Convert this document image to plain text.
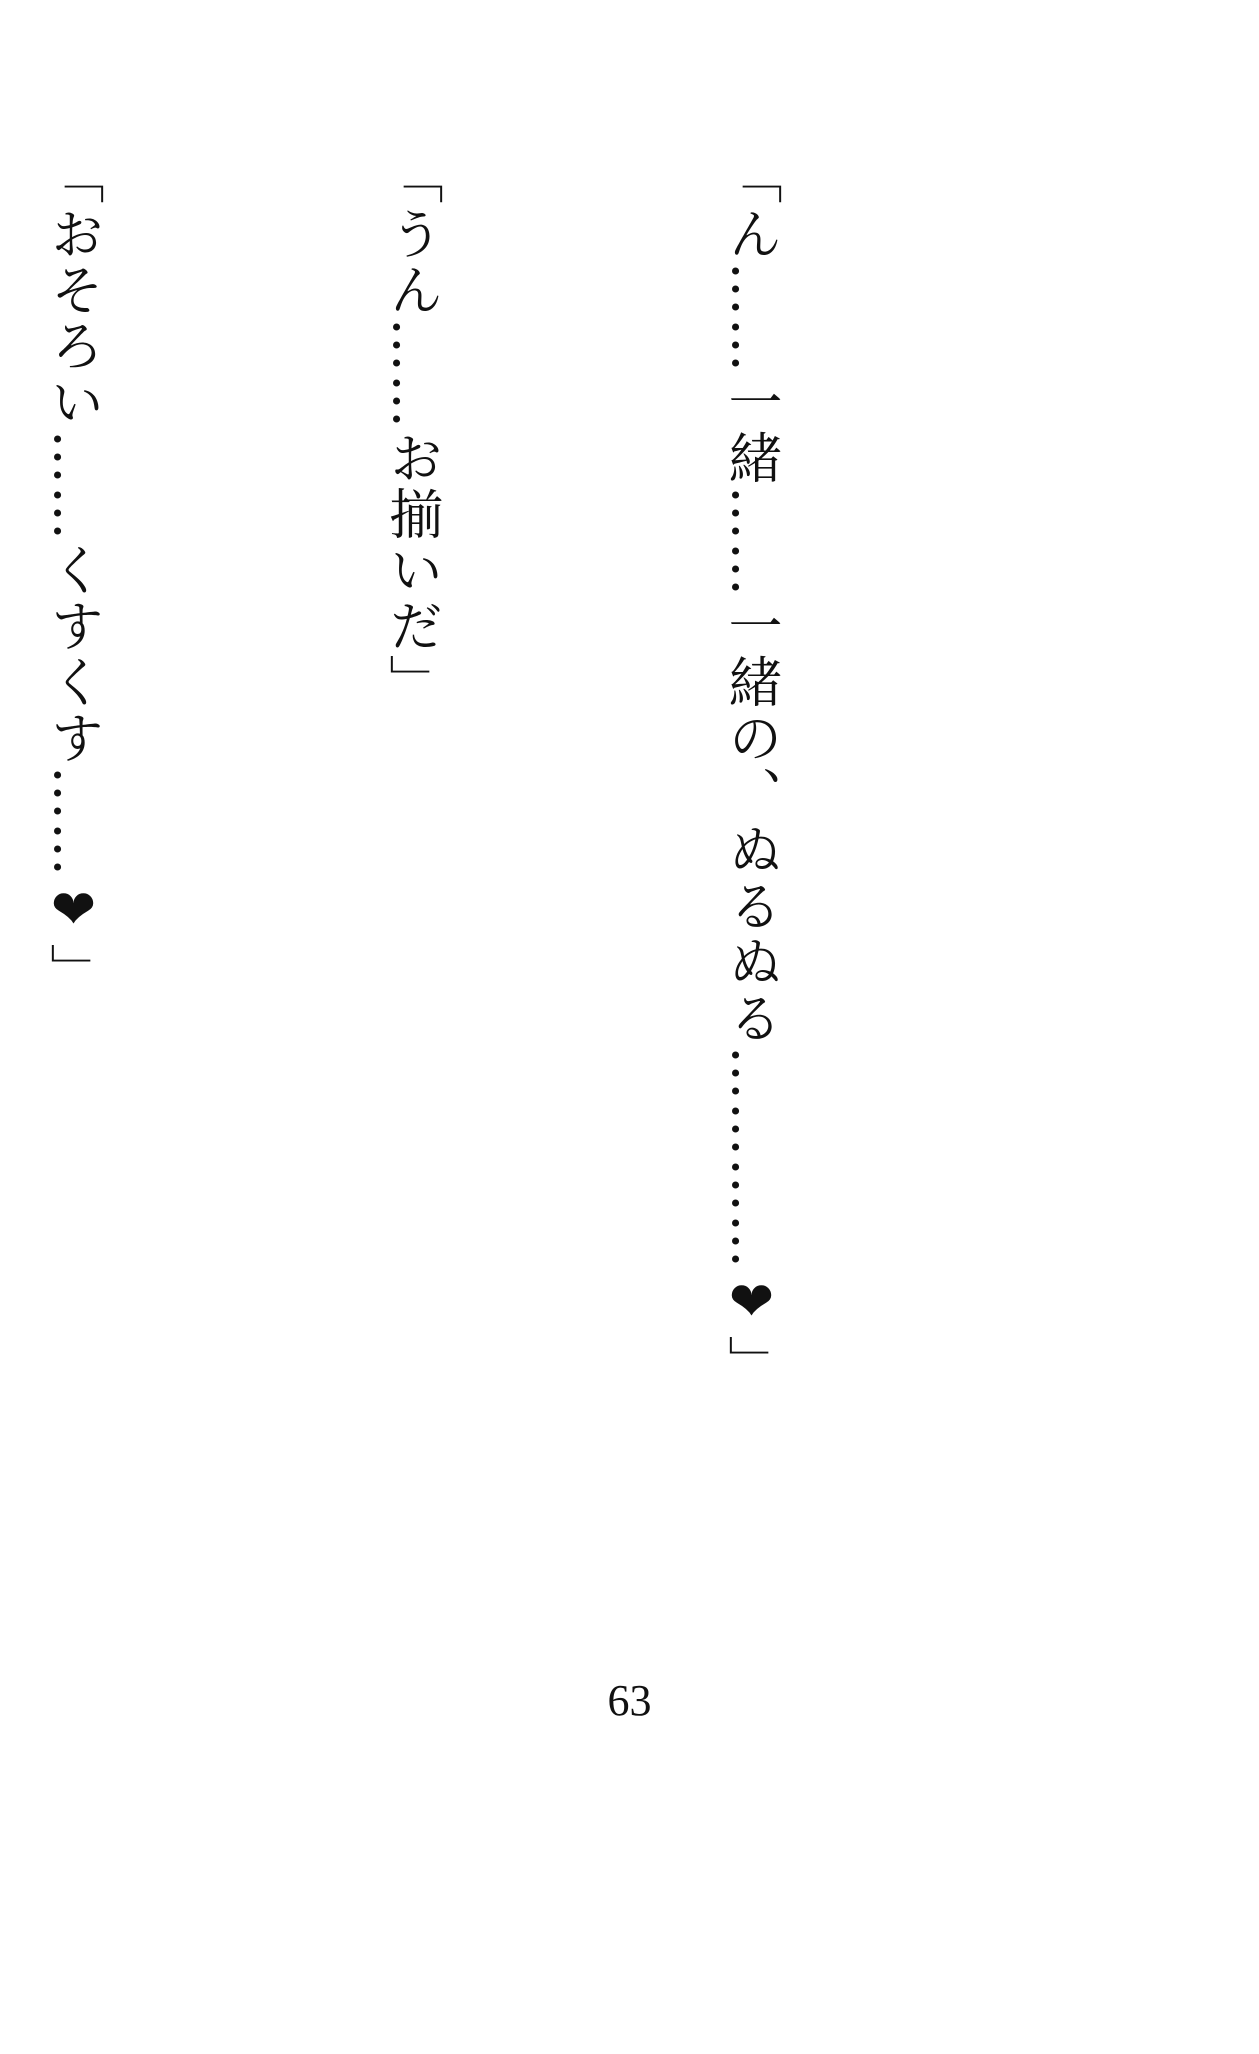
「ん……一緒……一緒の、ぬるぬる…………❤」

「うん……お揃いだ」

「おそろい……くすくす……❤」

63
